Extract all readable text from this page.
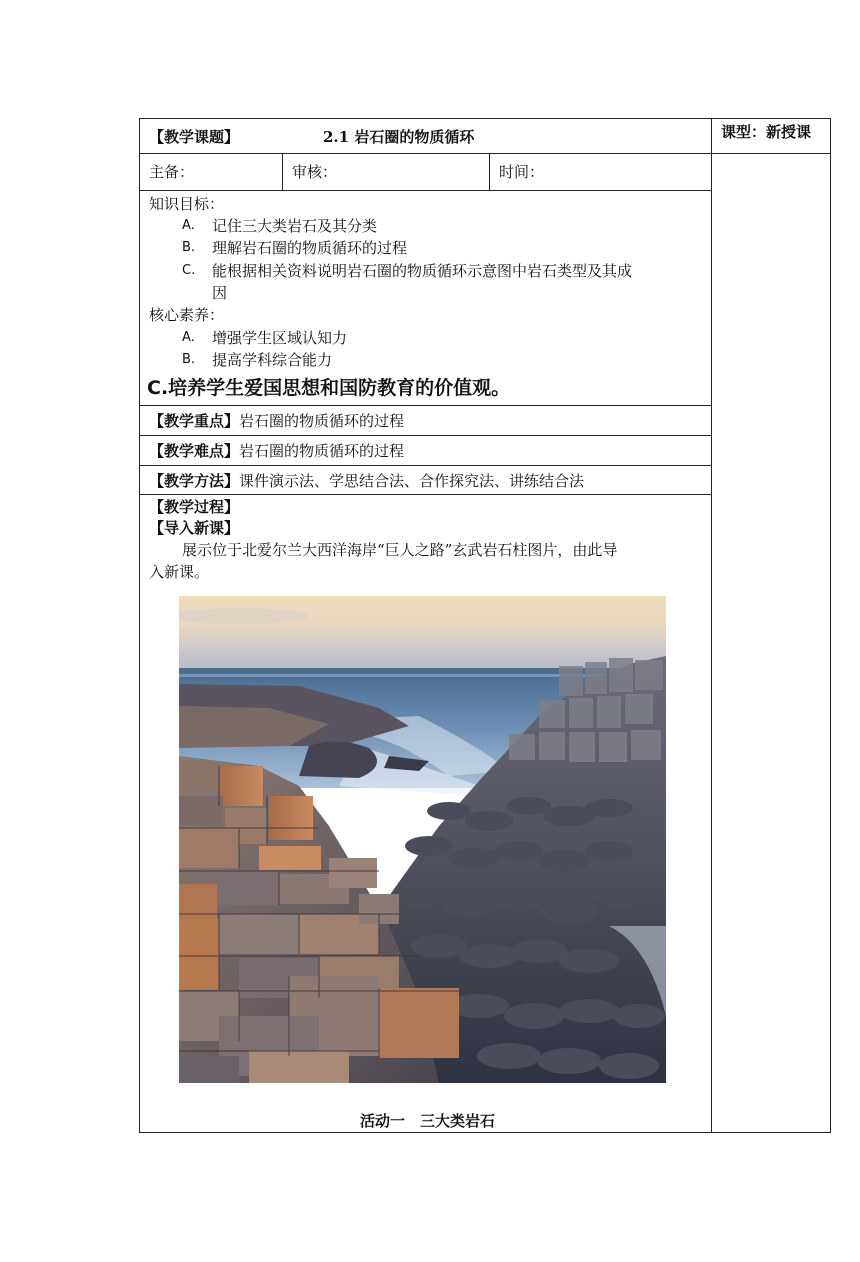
【教学课题】	2.1 岩石圈的物质循环	课型：新授课
主备：	审核：	时间：
知识目标：
A. 记住三大类岩石及其分类
B. 理解岩石圈的物质循环的过程
C. 能根据相关资料说明岩石圈的物质循环示意图中岩石类型及其成
因
核心素养：
A. 增强学生区域认知力
B. 提高学科综合能力
C.培养学生爱国思想和国防教育的价值观。
【教学重点】岩石圈的物质循环的过程
【教学难点】岩石圈的物质循环的过程
【教学方法】课件演示法、学思结合法、合作探究法、讲练结合法
【教学过程】
【导入新课】
展示位于北爱尔兰大西洋海岸“巨人之路”玄武岩石柱图片，由此导
入新课。
活动一　三大类岩石
